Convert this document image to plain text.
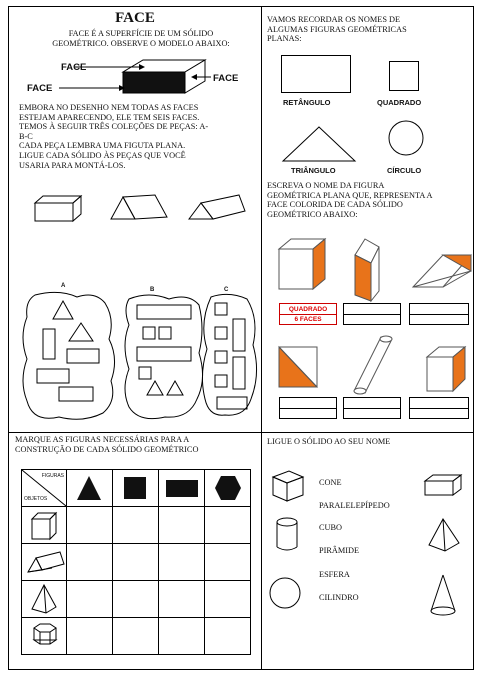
FACE
FACE É A SUPERFÍCIE DE UM SÓLIDO
GEOMÉTRICO. OBSERVE O MODELO ABAIXO:
FACE
FACE
FACE
EMBORA NO DESENHO NEM TODAS AS FACES
ESTEJAM APARECENDO, ELE TEM SEIS FACES.
TEMOS À SEGUIR TRÊS COLEÇÕES DE PEÇAS: A-
B-C
CADA PEÇA LEMBRA UMA FIGUTA PLANA.
LIGUE CADA SÓLIDO ÀS PEÇAS QUE VOCÊ
USARIA PARA MONTÁ-LOS.
A
B	C
VAMOS RECORDAR OS NOMES DE
ALGUMAS FIGURAS GEOMÉTRICAS
PLANAS:
RETÂNGULO	QUADRADO
TRIÂNGULO	CÍRCULO
ESCREVA O NOME DA FIGURA
GEOMÉTRICA PLANA QUE, REPRESENTA A
FACE COLORIDA DE CADA SÓLIDO
GEOMÉTRICO ABAIXO:
QUADRADO
6 FACES
MARQUE AS FIGURAS NECESSÁRIAS PARA A
CONSTRUÇÃO DE CADA SÓLIDO GEOMÉTRICO
FIGURAS
OBJETOS

LIGUE O SÓLIDO AO SEU NOME
CONE
PARALELEPÍPEDO
CUBO
PIRÂMIDE
ESFERA
CILINDRO
